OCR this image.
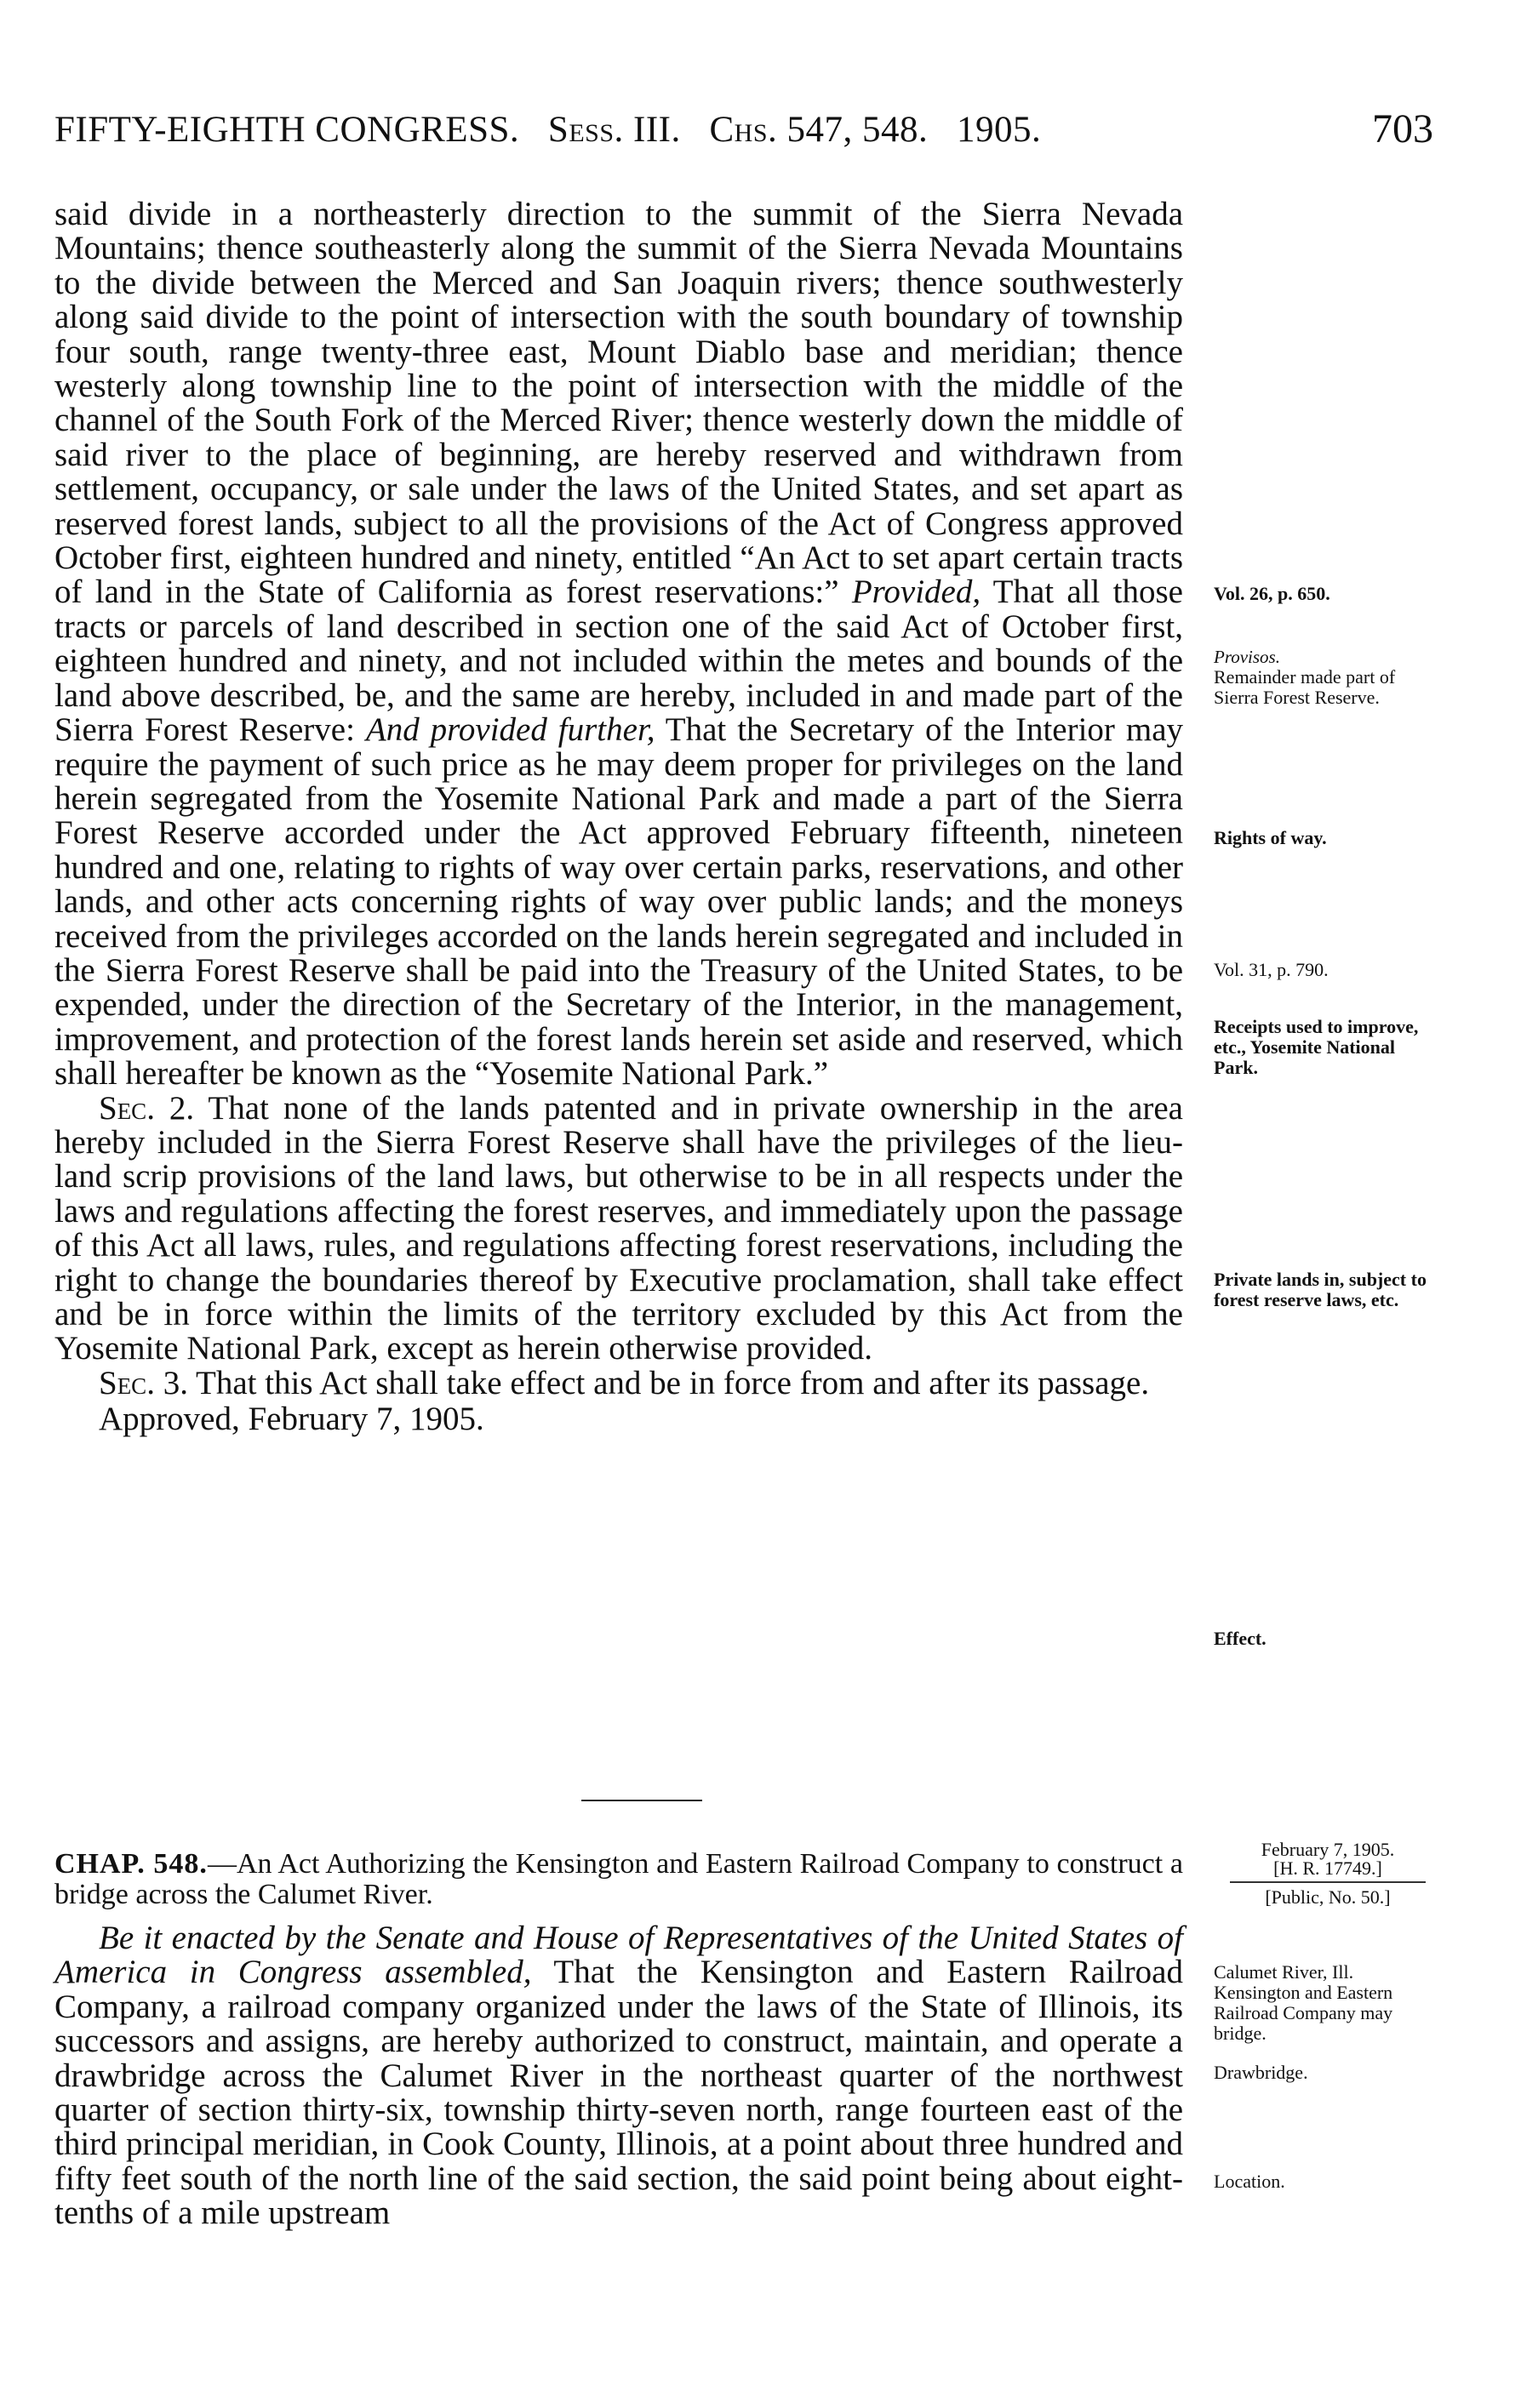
FIFTY-EIGHTH CONGRESS. Sess. III. Chs. 547, 548. 1905.	703

said divide in a northeasterly direction to the summit of the Sierra Nevada Mountains; thence southeasterly along the summit of the Sierra Nevada Mountains to the divide between the Merced and San Joaquin rivers; thence southwesterly along said divide to the point of intersection with the south boundary of township four south, range twenty-three east, Mount Diablo base and meridian; thence westerly along township line to the point of intersection with the middle of the channel of the South Fork of the Merced River; thence westerly down the middle of said river to the place of beginning, are hereby reserved and withdrawn from settlement, occupancy, or sale under the laws of the United States, and set apart as reserved forest lands, subject to all the provisions of the Act of Congress approved October first, eighteen hundred and ninety, entitled “An Act to set apart certain tracts of land in the State of California as forest reservations:” Provided, That all those tracts or parcels of land described in section one of the said Act of October first, eighteen hundred and ninety, and not included within the metes and bounds of the land above described, be, and the same are hereby, included in and made part of the Sierra Forest Reserve: And provided further, That the Secretary of the Interior may require the payment of such price as he may deem proper for privileges on the land herein segregated from the Yosemite National Park and made a part of the Sierra Forest Reserve accorded under the Act approved February fifteenth, nineteen hundred and one, relating to rights of way over certain parks, reservations, and other lands, and other acts concerning rights of way over public lands; and the moneys received from the privileges accorded on the lands herein segregated and included in the Sierra Forest Reserve shall be paid into the Treasury of the United States, to be expended, under the direction of the Secretary of the Interior, in the management, improvement, and protection of the forest lands herein set aside and reserved, which shall hereafter be known as the “Yosemite National Park.”

Sec. 2. That none of the lands patented and in private ownership in the area hereby included in the Sierra Forest Reserve shall have the privileges of the lieu-land scrip provisions of the land laws, but otherwise to be in all respects under the laws and regulations affecting the forest reserves, and immediately upon the passage of this Act all laws, rules, and regulations affecting forest reservations, including the right to change the boundaries thereof by Executive proclamation, shall take effect and be in force within the limits of the territory excluded by this Act from the Yosemite National Park, except as herein otherwise provided.

Sec. 3. That this Act shall take effect and be in force from and after its passage.

Approved, February 7, 1905.

Vol. 26, p. 650.
Provisos.
Remainder made part of Sierra Forest Reserve.
Rights of way.
Vol. 31, p. 790.
Receipts used to improve, etc., Yosemite National Park.
Private lands in, subject to forest reserve laws, etc.
Effect.
CHAP. 548.—An Act Authorizing the Kensington and Eastern Railroad Company to construct a bridge across the Calumet River.
February 7, 1905.
[H. R. 17749.]
[Public, No. 50.]

Be it enacted by the Senate and House of Representatives of the United States of America in Congress assembled, That the Kensington and Eastern Railroad Company, a railroad company organized under the laws of the State of Illinois, its successors and assigns, are hereby authorized to construct, maintain, and operate a drawbridge across the Calumet River in the northeast quarter of the northwest quarter of section thirty-six, township thirty-seven north, range fourteen east of the third principal meridian, in Cook County, Illinois, at a point about three hundred and fifty feet south of the north line of the said section, the said point being about eight-tenths of a mile upstream

Calumet River, Ill.
Kensington and Eastern Railroad Company may bridge.
Drawbridge.
Location.
